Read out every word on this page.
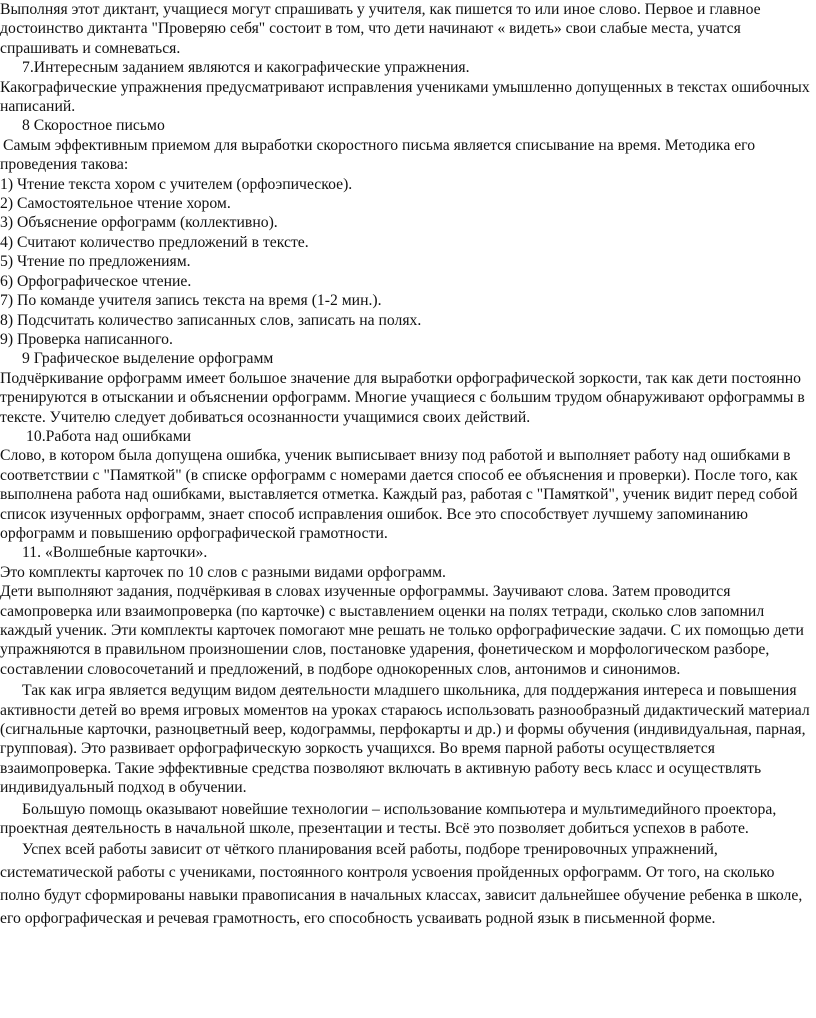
Выполняя этот диктант, учащиеся могут спрашивать у учителя, как пишется то или иное слово. Первое и главное достоинство диктанта "Проверяю себя" состоит в том, что дети начинают « видеть» свои слабые места, учатся спрашивать и сомневаться.

7.Интересным заданием являются и какографические упражнения.

Какографические упражнения предусматривают исправления учениками умышленно допущенных в текстах ошибочных написаний.

8 Скоростное письмо

Самым эффективным приемом для выработки скоростного письма является списывание на время. Методика его проведения такова:

1) Чтение текста хором с учителем (орфоэпическое).

2) Самостоятельное чтение хором.

3) Объяснение орфограмм (коллективно).

4) Считают количество предложений в тексте.

5) Чтение по предложениям.

6) Орфографическое чтение.

7) По команде учителя запись текста на время (1-2 мин.).

8) Подсчитать количество записанных слов, записать на полях.

9) Проверка написанного.

9 Графическое выделение орфограмм

Подчёркивание орфограмм имеет большое значение для выработки орфографической зоркости, так как дети постоянно тренируются в отыскании и объяснении орфограмм. Многие учащиеся с большим трудом обнаруживают орфограммы в тексте. Учителю следует добиваться осознанности учащимися своих действий.

10.Работа над ошибками

Слово, в котором была допущена ошибка, ученик выписывает внизу под работой и выполняет работу над ошибками в соответствии с "Памяткой" (в списке орфограмм с номерами дается способ ее объяснения и проверки). После того, как выполнена работа над ошибками, выставляется отметка. Каждый раз, работая с "Памяткой", ученик видит перед собой список изученных орфограмм, знает способ исправления ошибок. Все это способствует лучшему запоминанию орфограмм и повышению орфографической грамотности.

11. «Волшебные карточки».

Это комплекты карточек по 10 слов с разными видами орфограмм.

Дети выполняют задания, подчёркивая в словах изученные орфограммы. Заучивают слова. Затем проводится самопроверка или взаимопроверка (по карточке) с выставлением оценки на полях тетради, сколько слов запомнил каждый ученик. Эти комплекты карточек помогают мне решать не только орфографические задачи. С их помощью дети упражняются в правильном произношении слов, постановке ударения, фонетическом и морфологическом разборе, составлении словосочетаний и предложений, в подборе однокоренных слов, антонимов и синонимов.

Так как игра является ведущим видом деятельности младшего школьника, для поддержания интереса и повышения активности детей во время игровых моментов на уроках стараюсь использовать разнообразный дидактический материал (сигнальные карточки, разноцветный веер, кодограммы, перфокарты и др.) и формы обучения (индивидуальная, парная, групповая). Это развивает орфографическую зоркость учащихся. Во время парной работы осуществляется взаимопроверка. Такие эффективные средства позволяют включать в активную работу весь класс и осуществлять индивидуальный подход в обучении.

Большую помощь оказывают новейшие технологии – использование компьютера и мультимедийного проектора, проектная деятельность в начальной школе, презентации и тесты. Всё это позволяет добиться успехов в работе.

Успех всей работы зависит от чёткого планирования всей работы, подборе тренировочных упражнений, систематической работы с учениками, постоянного контроля усвоения пройденных орфограмм. От того, на сколько полно будут сформированы навыки правописания в начальных классах, зависит дальнейшее обучение ребенка в школе, его орфографическая и речевая грамотность, его способность усваивать родной язык в письменной форме.
